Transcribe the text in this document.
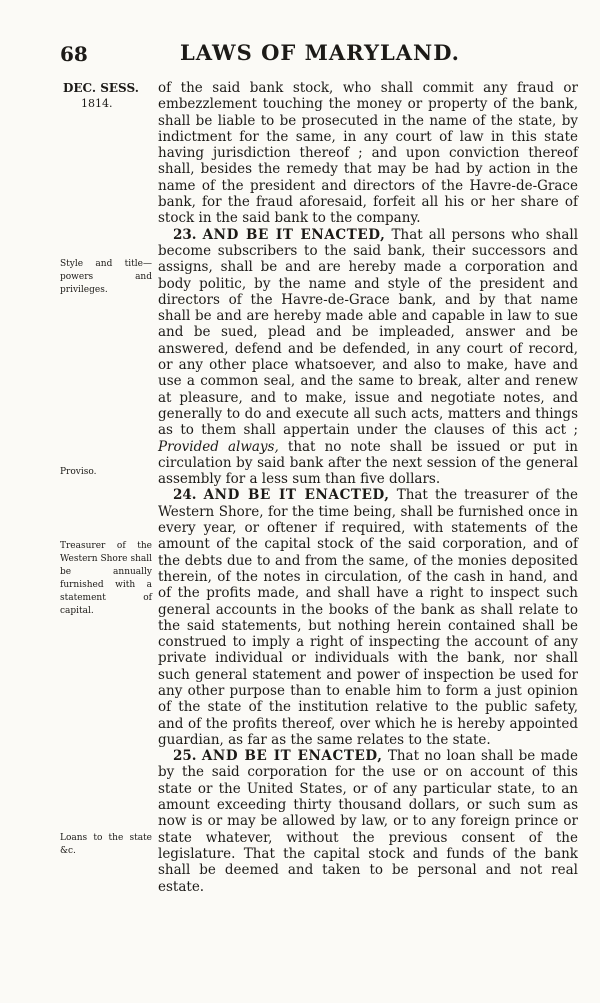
68	LAWS OF MARYLAND.
DEC. SESS.
1814.
Style and title—powers and privileges.
Proviso.
Treasurer of the Western Shore shall be annually furnished with a statement of capital.
Loans to the state &c.

of the said bank stock, who shall commit any fraud or embezzlement touching the money or property of the bank, shall be liable to be prosecuted in the name of the state, by indictment for the same, in any court of law in this state having jurisdiction thereof ; and upon conviction thereof shall, besides the remedy that may be had by action in the name of the president and directors of the Havre-de-Grace bank, for the fraud aforesaid, forfeit all his or her share of stock in the said bank to the company.

23. AND BE IT ENACTED, That all persons who shall become subscribers to the said bank, their successors and assigns, shall be and are hereby made a corporation and body politic, by the name and style of the president and directors of the Havre-de-Grace bank, and by that name shall be and are hereby made able and capable in law to sue and be sued, plead and be impleaded, answer and be answered, defend and be defended, in any court of record, or any other place whatsoever, and also to make, have and use a common seal, and the same to break, alter and renew at pleasure, and to make, issue and negotiate notes, and generally to do and execute all such acts, matters and things as to them shall appertain under the clauses of this act ; Provided always, that no note shall be issued or put in circulation by said bank after the next session of the general assembly for a less sum than five dollars.

24. AND BE IT ENACTED, That the treasurer of the Western Shore, for the time being, shall be furnished once in every year, or oftener if required, with statements of the amount of the capital stock of the said corporation, and of the debts due to and from the same, of the monies deposited therein, of the notes in circulation, of the cash in hand, and of the profits made, and shall have a right to inspect such general accounts in the books of the bank as shall relate to the said statements, but nothing herein contained shall be construed to imply a right of inspecting the account of any private individual or individuals with the bank, nor shall such general statement and power of inspection be used for any other purpose than to enable him to form a just opinion of the state of the institution relative to the public safety, and of the profits thereof, over which he is hereby appointed guardian, as far as the same relates to the state.

25. AND BE IT ENACTED, That no loan shall be made by the said corporation for the use or on account of this state or the United States, or of any particular state, to an amount exceeding thirty thousand dollars, or such sum as now is or may be allowed by law, or to any foreign prince or state whatever, without the previous consent of the legislature. That the capital stock and funds of the bank shall be deemed and taken to be personal and not real estate.
